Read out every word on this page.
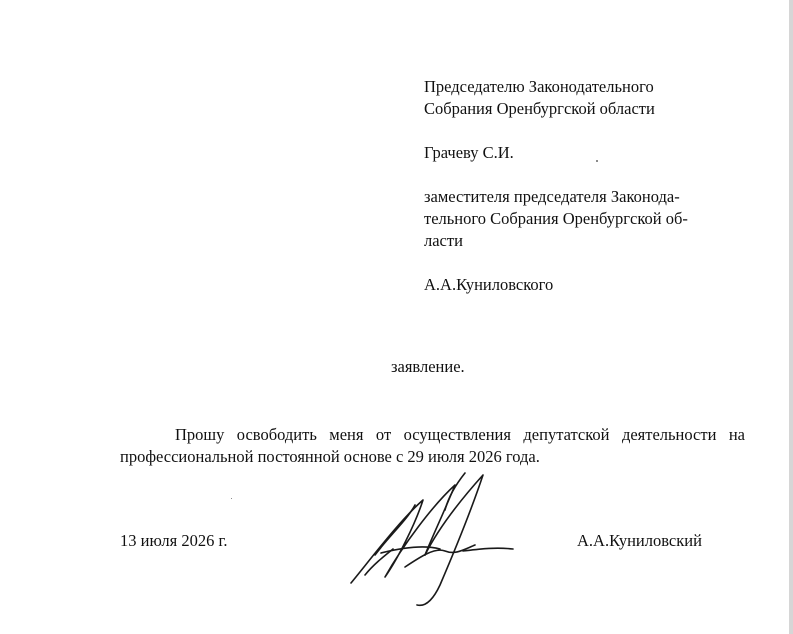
Председателю Законодательного

Собрания Оренбургской области

Грачеву С.И.

заместителя председателя Законода-

тельного Собрания Оренбургской об-

ласти

А.А.Куниловского

заявление.

Прошу освободить меня от осуществления депутатской деятельности на профессиональной постоянной основе с 29 июля 2026 года.

13 июля 2026 г.	А.А.Куниловский
